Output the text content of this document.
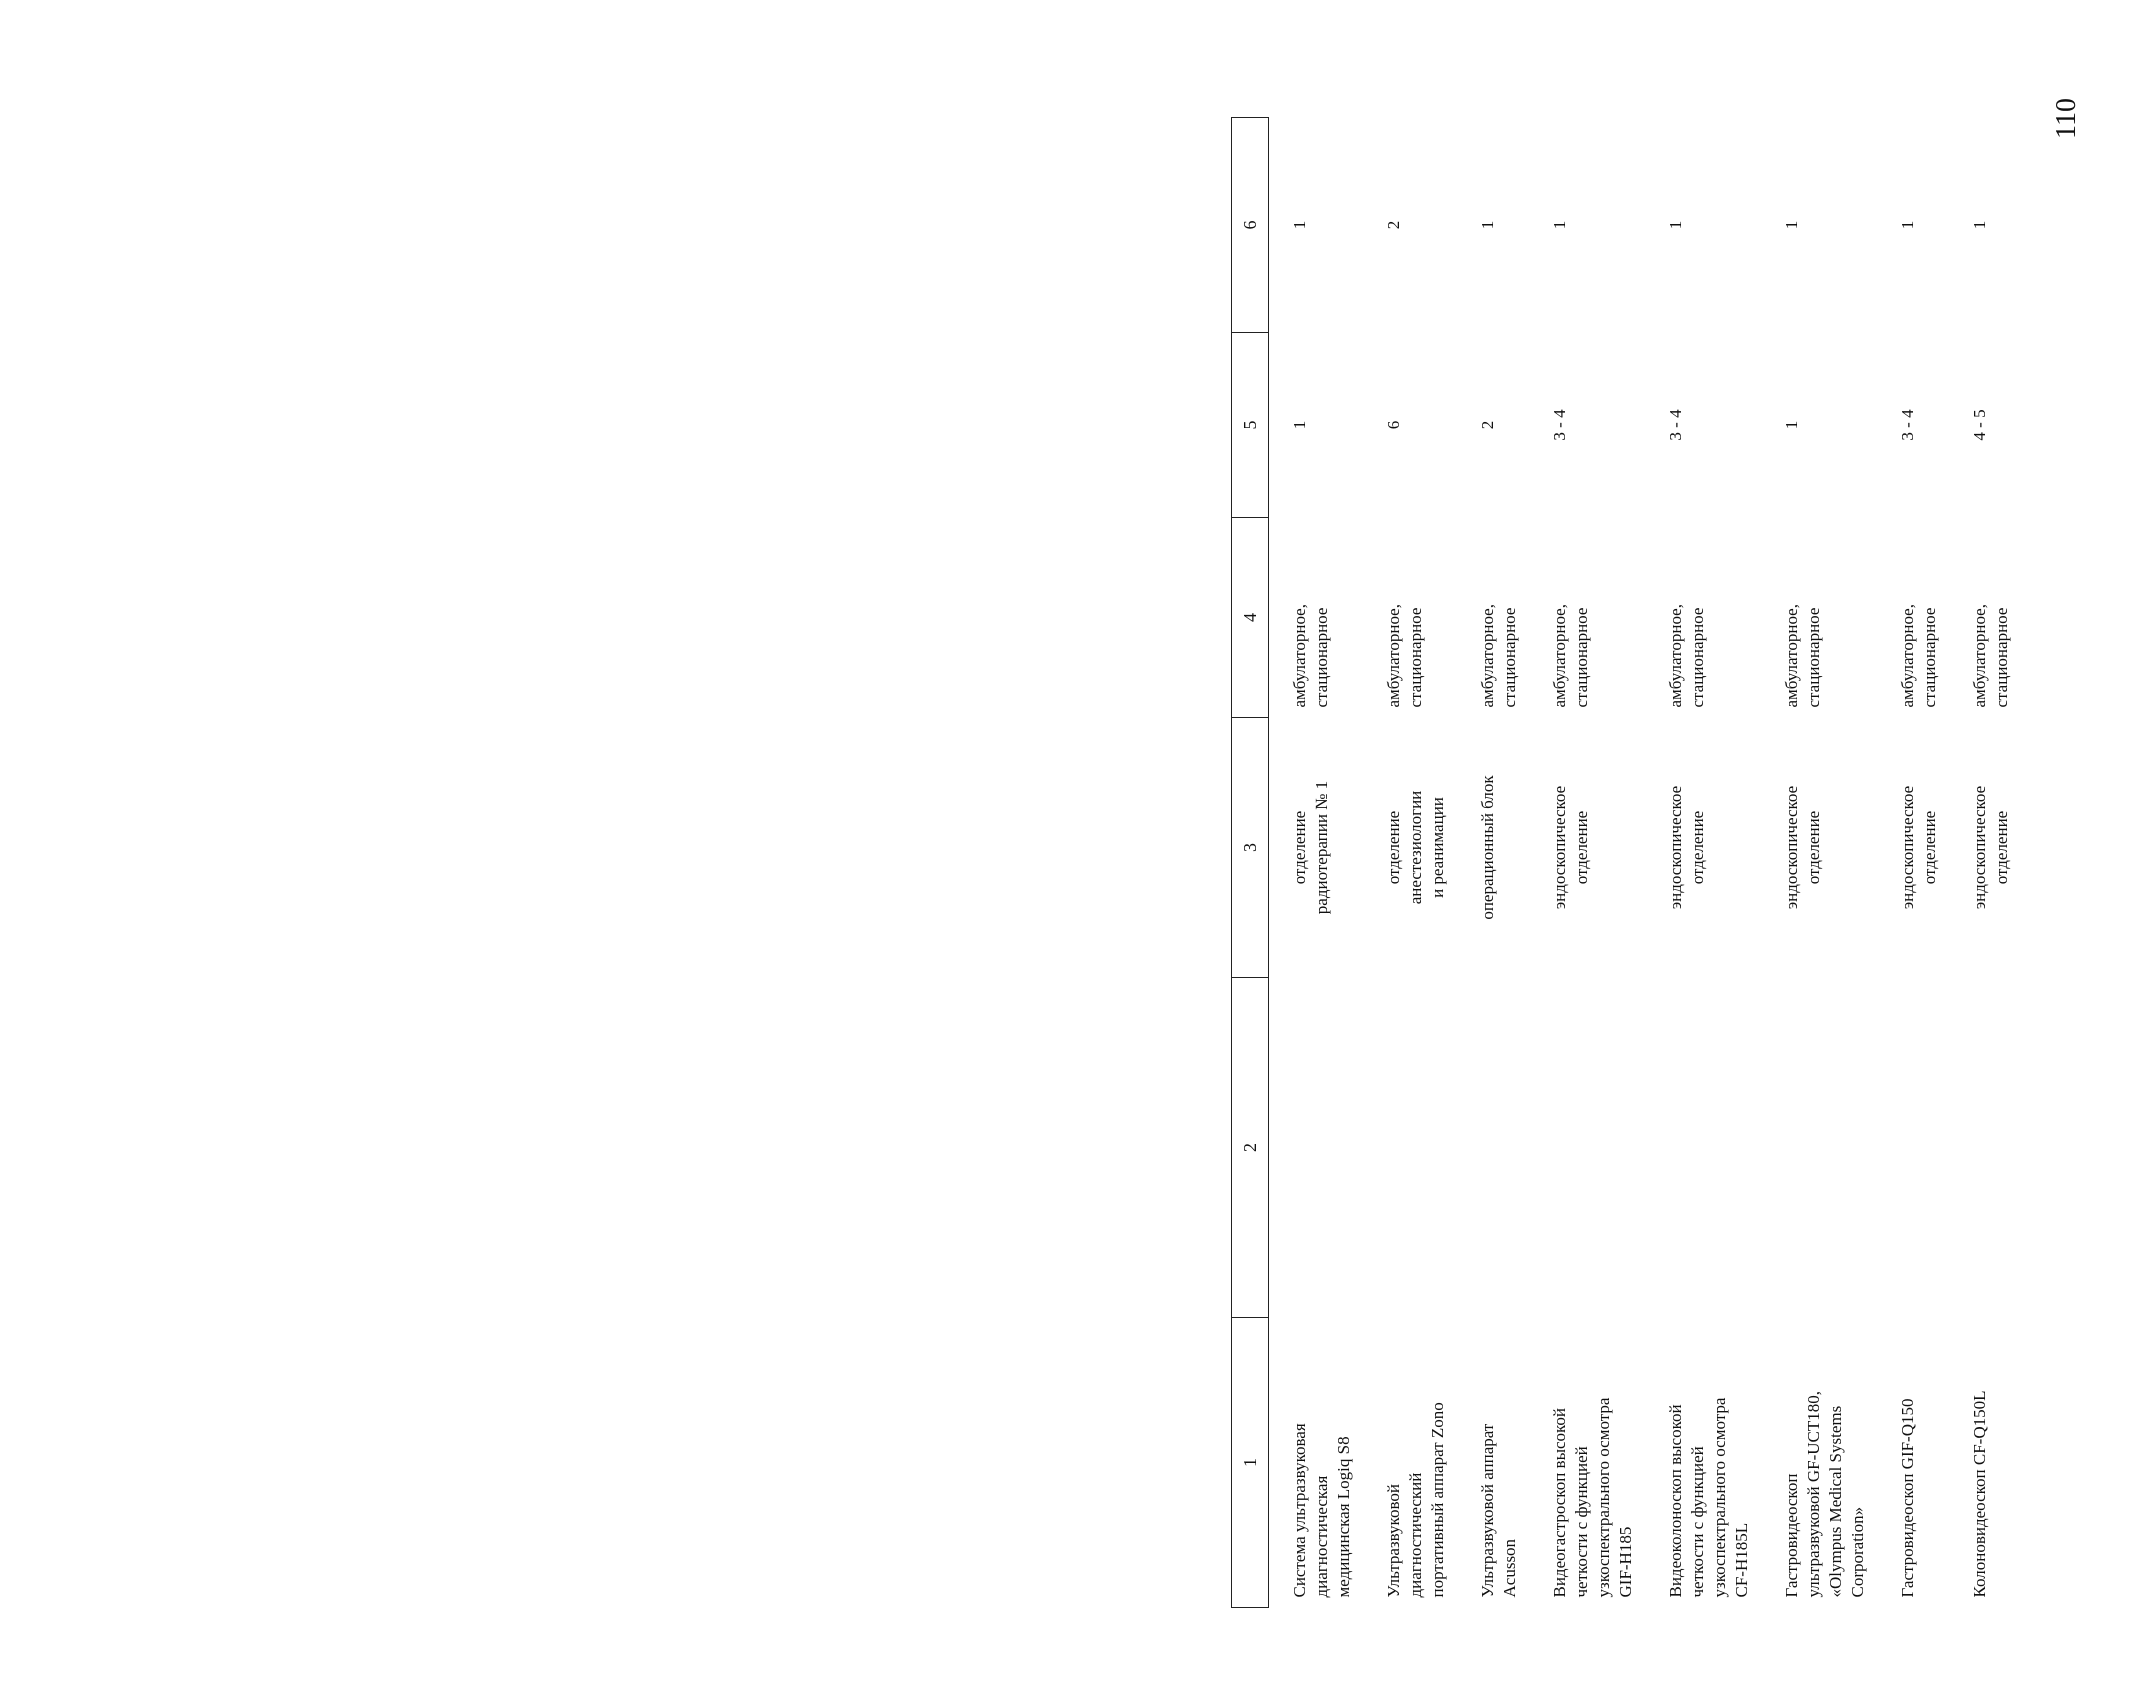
110
1	2	3	4	5	6

Система ультразвуковая диагностическая медицинская Logiq S8		отделение радиотерапии № 1	амбулаторное, стационарное	1	1

Ультразвуковой диагностический портативный аппарат Zono		отделение анестезиологии и реанимации	амбулаторное, стационарное	6	2

Ультразвуковой аппарат Acusson		операционный блок	амбулаторное, стационарное	2	1

Видеогастроскоп высокой четкости с функцией узкоспектрального осмотра GIF-H185		эндоскопическое отделение	амбулаторное, стационарное	3 - 4	1

Видеоколоноскоп высокой четкости с функцией узкоспектрального осмотра CF-H185L		эндоскопическое отделение	амбулаторное, стационарное	3 - 4	1

Гастровидеоскоп ультразвуковой GF-UCT180, «Olympus Medical Systems Corporation»		эндоскопическое отделение	амбулаторное, стационарное	1	1

Гастровидеоскоп GIF-Q150		эндоскопическое отделение	амбулаторное, стационарное	3 - 4	1

Колоновидеоскоп CF-Q150L		эндоскопическое отделение	амбулаторное, стационарное	4 - 5	1
